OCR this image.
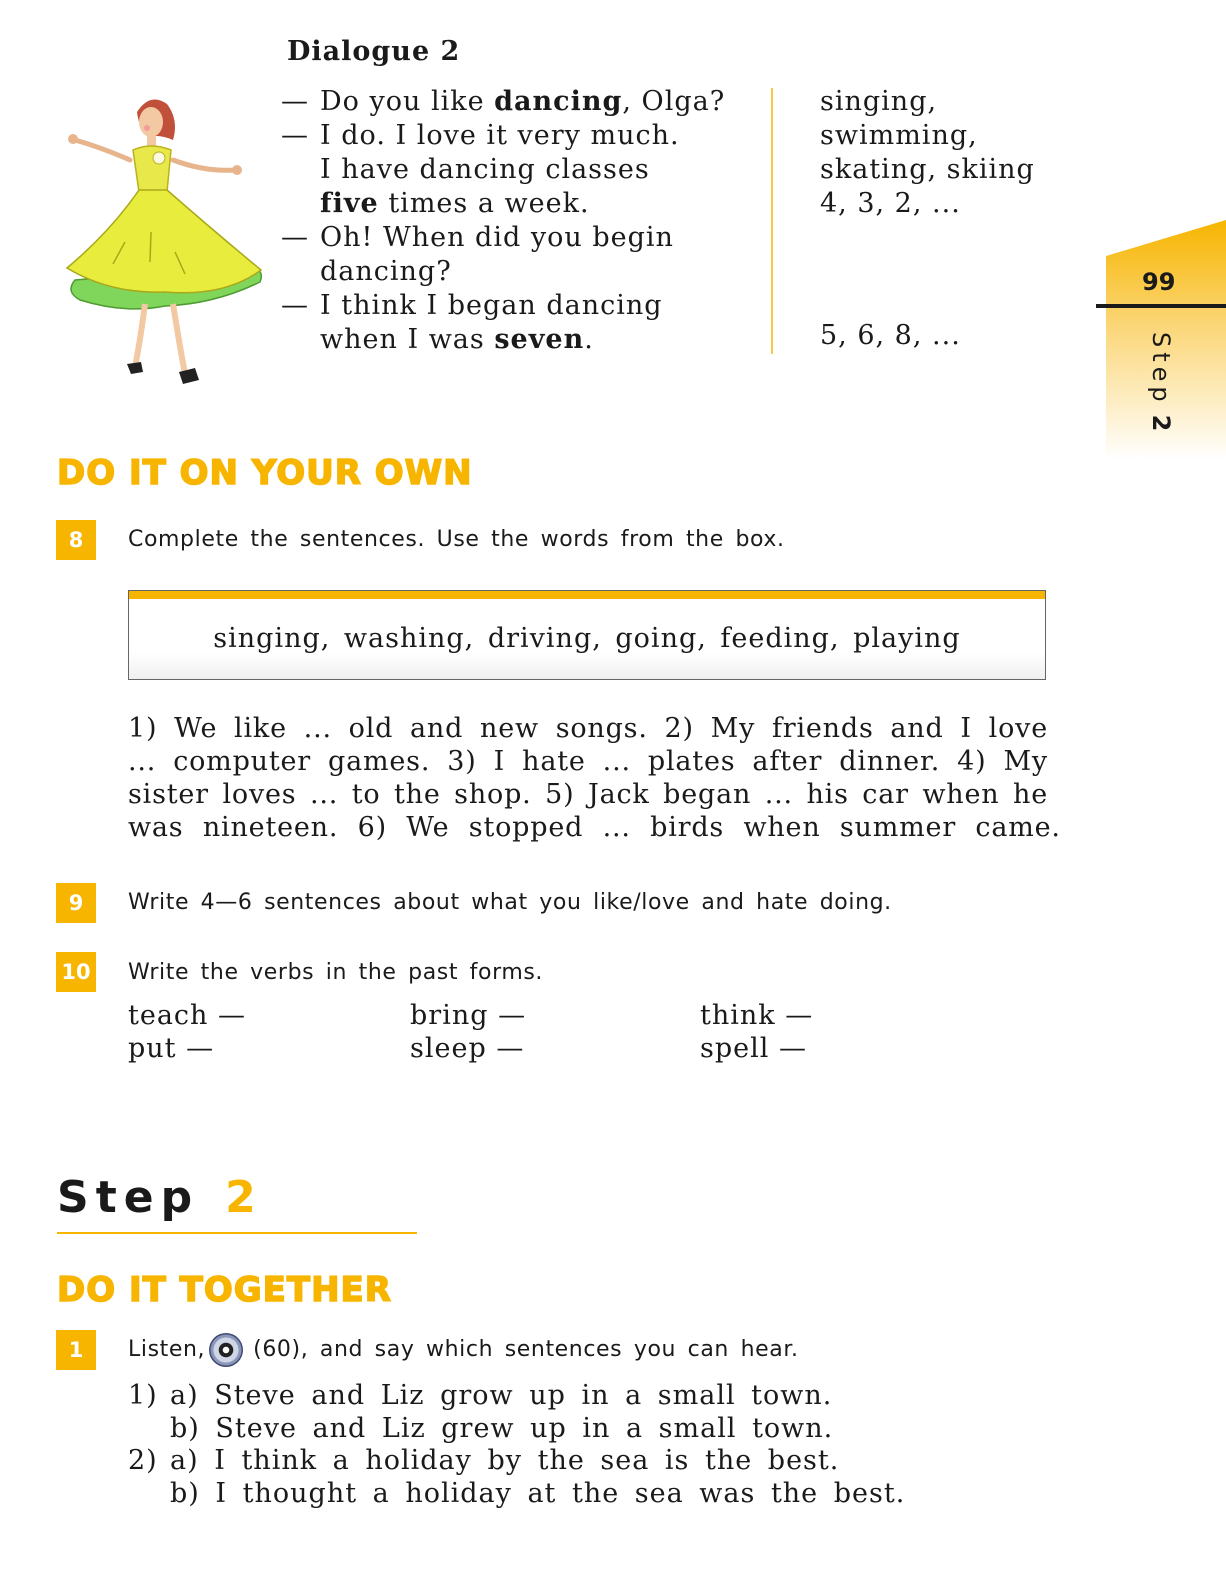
Dialogue 2
— Do you like dancing, Olga?
— I do. I love it very much.
I have dancing classes
five times a week.
— Oh! When did you begin
dancing?
— I think I began dancing
when I was seven.
singing,
swimming,
skating, skiing
4, 3, 2, ...
5, 6, 8, ...
99
Step2
DO IT ON YOUR OWN
8	Complete the sentences. Use the words from the box.
singing, washing, driving, going, feeding, playing
1) We like ... old and new songs. 2) My friends and I love
... computer games. 3) I hate ... plates after dinner. 4) My
sister loves ... to the shop. 5) Jack began ... his car when he
was nineteen. 6) We stopped ... birds when summer came.
9	Write 4—6 sentences about what you like/love and hate doing.
10 Write the verbs in the past forms.
teach —	bring —	think —
put —	sleep —	spell —
Step 2
DO IT TOGETHER
1	Listen, (60), and say which sentences you can hear.
1) a) Steve and Liz grow up in a small town.
b) Steve and Liz grew up in a small town.
2) a) I think a holiday by the sea is the best.
b) I thought a holiday at the sea was the best.
